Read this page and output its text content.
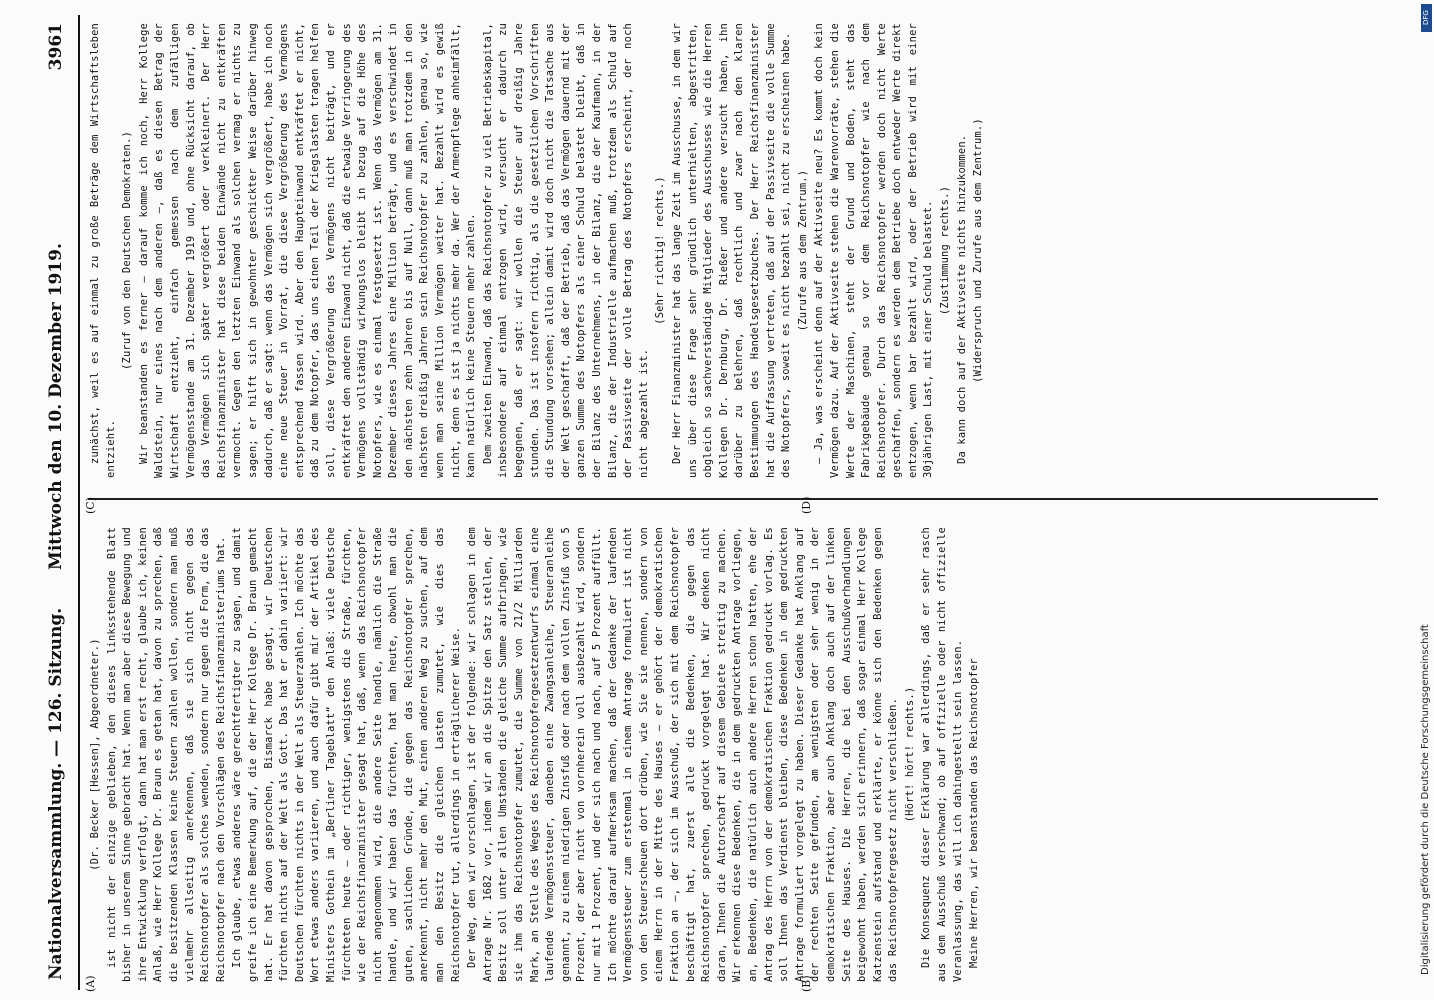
Nationalversammlung. — 126. Sitzung.
Mittwoch den 10. Dezember 1919.
3961

(Dr. Becker [Hessen], Abgeordneter.) ist nicht der einzige geblieben, den dieses linksstehende Blatt bisher in unserem Sinne gebracht hat. Wenn man aber diese Bewegung und ihre Entwicklung verfolgt, dann hat man erst recht, glaube ich, keinen Anlaß, wie Herr Kollege Dr. Braun es getan hat, davon zu sprechen, daß die besitzenden Klassen keine Steuern zahlen wollen, sondern man muß vielmehr allseitig anerkennen, daß sie sich nicht gegen das Reichsnotopfer als solches wenden, sondern nur gegen die Form, die das Reichsnotopfer nach den Vorschlägen des Reichsfinanzministeriums hat. Ich glaube, etwas anderes wäre gerechtfertigter zu sagen, und damit greife ich eine Bemerkung auf, die der Herr Kollege Dr. Braun gemacht hat. Er hat davon gesprochen, Bismarck habe gesagt, wir Deutschen fürchten nichts auf der Welt als Gott. Das hat er dahin variiert: wir Deutschen fürchten nichts in der Welt als Steuerzahlen. Ich möchte das Wort etwas anders variieren, und auch dafür gibt mir der Artikel des Ministers Gothein im „Berliner Tageblatt“ den Anlaß: viele Deutsche fürchteten heute — oder richtiger, wenigstens die Straße, fürchten, wie der Reichsfinanzminister gesagt hat, daß, wenn das Reichsnotopfer nicht angenommen wird, die andere Seite handle, nämlich die Straße handle, und wir haben das fürchten, hat man heute, obwohl man die guten, sachlichen Gründe, die gegen das Reichsnotopfer sprechen, anerkennt, nicht mehr den Mut, einen anderen Weg zu suchen, auf dem man den Besitz die gleichen Lasten zumutet, wie dies das Reichsnotopfer tut, allerdings in erträglicherer Weise. Der Weg, den wir vorschlagen, ist der folgende: wir schlagen in dem Antrage Nr. 1682 vor, indem wir an die Spitze den Satz stellen, der Besitz soll unter allen Umständen die gleiche Summe aufbringen, wie sie ihm das Reichsnotopfer zumutet, die Summe von 21/2 Milliarden Mark, an Stelle des Weges des Reichsnotopfergesetzentwurfs einmal eine laufende Vermögenssteuer, daneben eine Zwangsanleihe, Steueranleihe genannt, zu einem niedrigen Zinsfuß oder nach dem vollen Zinsfuß von 5 Prozent, der aber nicht von vornherein voll ausbezahlt wird, sondern nur mit 1 Prozent, und der sich nach und nach, auf 5 Prozent auffüllt. Ich möchte darauf aufmerksam machen, daß der Gedanke der laufenden Vermögenssteuer zum erstenmal in einem Antrage formuliert ist nicht von den Steuerscheuen dort drüben, wie Sie sie nennen, sondern von einem Herrn in der Mitte des Hauses — er gehört der demokratischen Fraktion an —, der sich im Ausschuß, der sich mit dem Reichsnotopfer beschäftigt hat, zuerst alle die Bedenken, die gegen das Reichsnotopfer sprechen, gedruckt vorgelegt hat. Wir denken nicht daran, Ihnen die Autorschaft auf diesem Gebiete streitig zu machen. Wir erkennen diese Bedenken, die in dem gedruckten Antrage vorliegen, an, Bedenken, die natürlich auch andere Herren schon hatten, ehe der Antrag des Herrn von der demokratischen Fraktion gedruckt vorlag. Es soll Ihnen das Verdienst bleiben, diese Bedenken in dem gedruckten Antrage formuliert vorgelegt zu haben. Dieser Gedanke hat Anklang auf der rechten Seite gefunden, am wenigsten oder sehr wenig in der demokratischen Fraktion, aber auch Anklang doch auch auf der linken Seite des Hauses. Die Herren, die bei den Ausschußverhandlungen beigewohnt haben, werden sich erinnern, daß sogar einmal Herr Kollege Katzenstein aufstand und erklärte, er könne sich den Bedenken gegen das Reichsnotopfergesetz nicht verschließen. (Hört! hört! rechts.) Die Konsequenz dieser Erklärung war allerdings, daß er sehr rasch aus dem Ausschuß verschwand; ob auf offizielle oder nicht offizielle Veranlassung, das will ich dahingestellt sein lassen. Meine Herren, wir beanstanden das Reichsnotopfer

zunächst, weil es auf einmal zu große Beträge dem Wirtschaftsleben entzieht.

(Zuruf von den Deutschen Demokraten.) Wir beanstanden es ferner — darauf komme ich noch, Herr Kollege Waldstein, nur eines nach dem anderen —, daß es diesen Betrag der Wirtschaft entzieht, einfach gemessen nach dem zufälligen Vermögensstande am 31. Dezember 1919 und, ohne Rücksicht darauf, ob das Vermögen sich später vergrößert oder verkleinert. Der Herr Reichsfinanzminister hat diese beiden Einwände nicht zu entkräften vermocht. Gegen den letzten Einwand als solchen vermag er nichts zu sagen; er hilft sich in gewohnter geschickter Weise darüber hinweg dadurch, daß er sagt: wenn das Vermögen sich vergrößert, habe ich noch eine neue Steuer in Vorrat, die diese Vergrößerung des Vermögens entsprechend fassen wird. Aber den Haupteinwand entkräftet er nicht, daß zu dem Notopfer, das uns einen Teil der Kriegslasten tragen helfen soll, diese Vergrößerung des Vermögens nicht beiträgt, und er entkräftet den anderen Einwand nicht, daß die etwaige Verringerung des Vermögens vollständig wirkungslos bleibt in bezug auf die Höhe des Notopfers, wie es einmal festgesetzt ist. Wenn das Vermögen am 31. Dezember dieses Jahres eine Million beträgt, und es verschwindet in den nächsten zehn Jahren bis auf Null, dann muß man trotzdem in den nächsten dreißig Jahren sein Reichsnotopfer zu zahlen, genau so, wie wenn man seine Million Vermögen weiter hat. Bezahlt wird es gewiß nicht, denn es ist ja nichts mehr da. Wer der Armenpflege anheimfällt, kann natürlich keine Steuern mehr zahlen. Dem zweiten Einwand, daß das Reichsnotopfer zu viel Betriebskapital, insbesondere auf einmal entzogen wird, versucht er dadurch zu begegnen, daß er sagt: wir wollen die Steuer auf dreißig Jahre stunden. Das ist insofern richtig, als die gesetzlichen Vorschriften die Stundung vorsehen; allein damit wird doch nicht die Tatsache aus der Welt geschafft, daß der Betrieb, daß das Vermögen dauernd mit der ganzen Summe des Notopfers als einer Schuld belastet bleibt, daß in der Bilanz des Unternehmens, in der Bilanz, die der Kaufmann, in der Bilanz, die der Industrielle aufmachen muß, trotzdem als Schuld auf der Passivseite der volle Betrag des Notopfers erscheint, der noch nicht abgezahlt ist.

(Sehr richtig! rechts.) Der Herr Finanzminister hat das lange Zeit im Ausschusse, in dem wir uns über diese Frage sehr gründlich unterhielten, abgestritten, obgleich so sachverständige Mitglieder des Ausschusses wie die Herren Kollegen Dr. Dernburg, Dr. Rießer und andere versucht haben, ihn darüber zu belehren, daß rechtlich und zwar nach den klaren Bestimmungen des Handelsgesetzbuches. Der Herr Reichsfinanzminister hat die Auffassung vertreten, daß auf der Passivseite die volle Summe des Notopfers, soweit es nicht bezahlt sei, nicht zu erscheinen habe. (Zurufe aus dem Zentrum.) — Ja, was erscheint denn auf der Aktivseite neu? Es kommt doch kein Vermögen dazu. Auf der Aktivseite stehen die Warenvorräte, stehen die Werte der Maschinen, steht der Grund und Boden, steht das Fabrikgebäude genau so vor dem Reichsnotopfer wie nach dem Reichsnotopfer. Durch das Reichsnotopfer werden doch nicht Werte geschaffen, sondern es werden dem Betriebe doch entweder Werte direkt entzogen, wenn bar bezahlt wird, oder der Betrieb wird mit einer 30jährigen Last, mit einer Schuld belastet. (Zustimmung rechts.) Da kann doch auf der Aktivseite nichts hinzukommen. (Widerspruch und Zurufe aus dem Zentrum.)

(A)	(B)
(C)	(D)
DFG
Digitalisierung gefördert durch die Deutsche Forschungsgemeinschaft
